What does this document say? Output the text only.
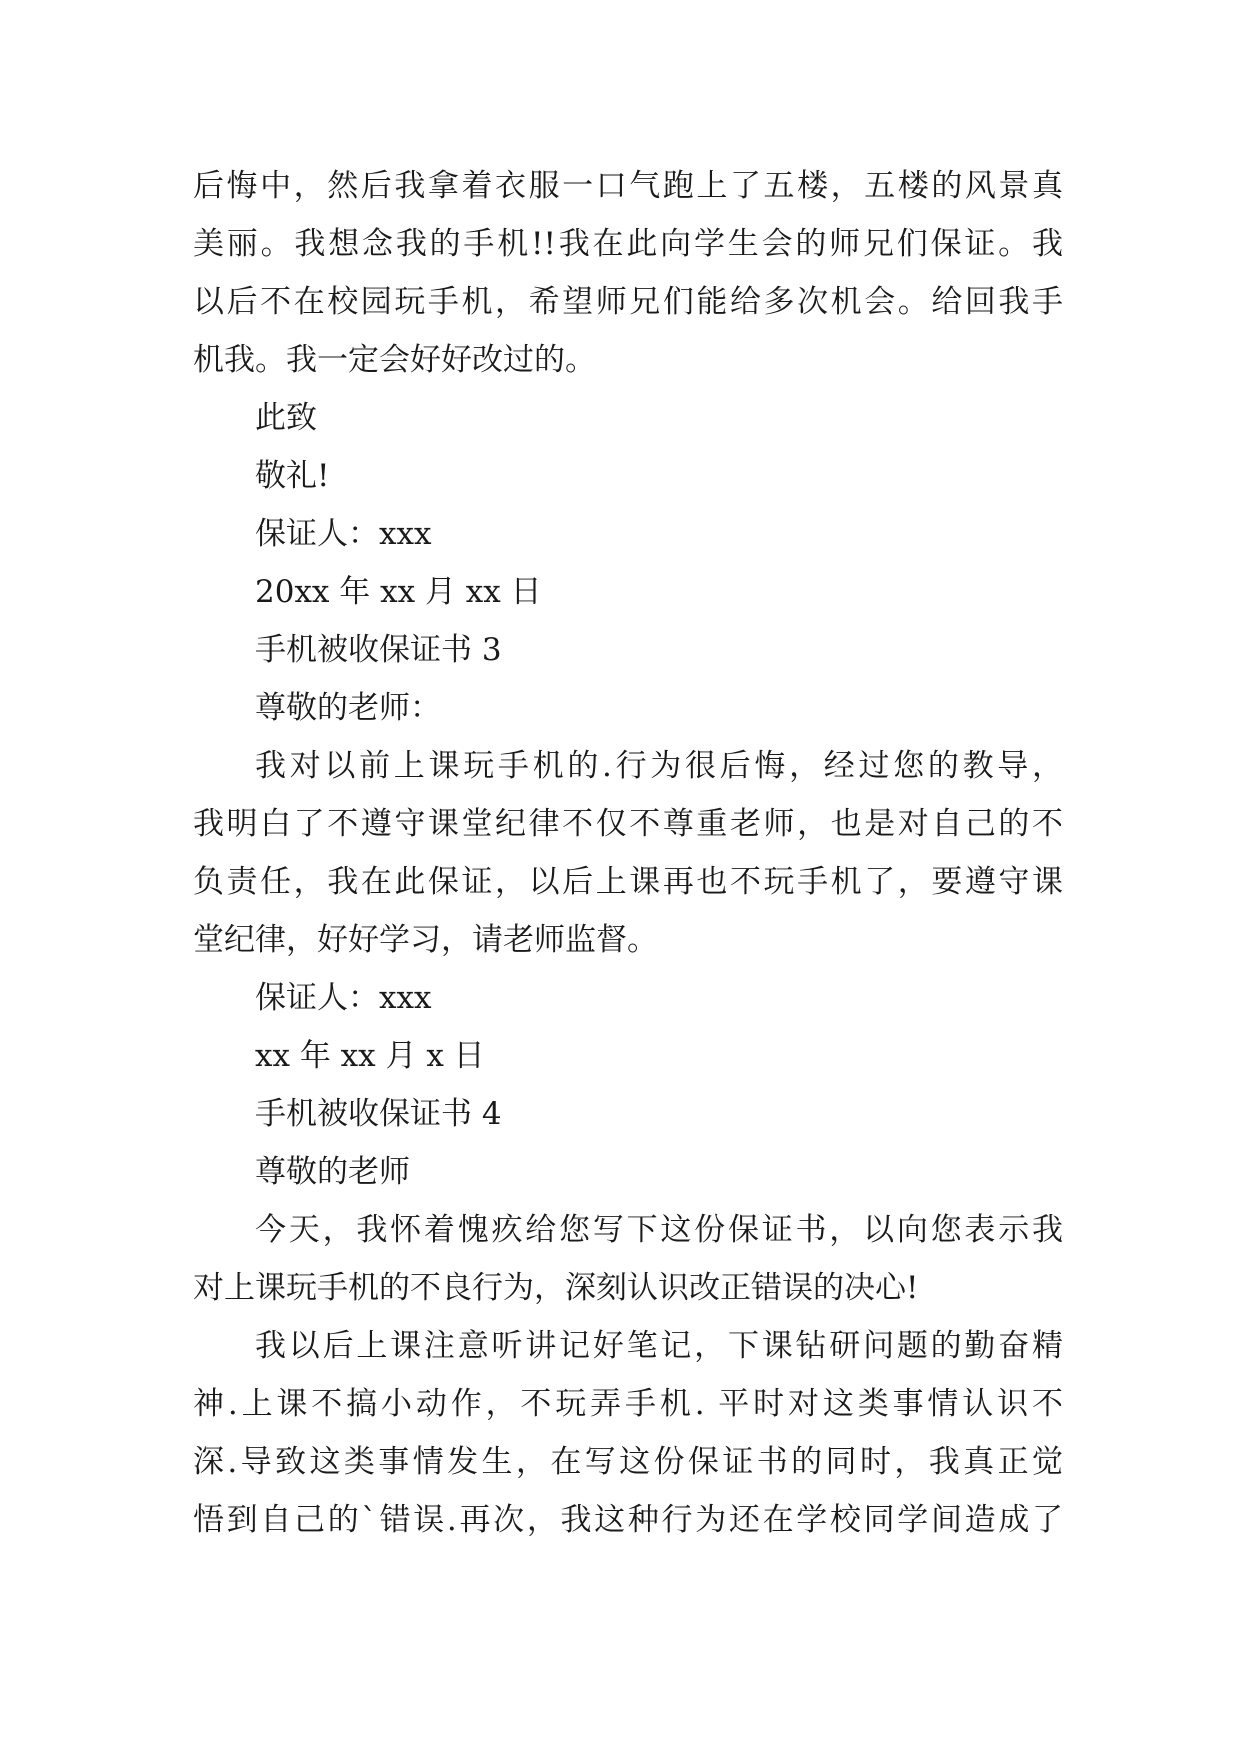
后悔中，然后我拿着衣服一口气跑上了五楼，五楼的风景真
美丽。我想念我的手机!!我在此向学生会的师兄们保证。我
以后不在校园玩手机，希望师兄们能给多次机会。给回我手
机我。我一定会好好改过的。
此致
敬礼!
保证人：xxx
20xx 年 xx 月 xx 日
手机被收保证书 3
尊敬的老师：
我对以前上课玩手机的.行为很后悔，经过您的教导，
我明白了不遵守课堂纪律不仅不尊重老师，也是对自己的不
负责任，我在此保证，以后上课再也不玩手机了，要遵守课
堂纪律，好好学习，请老师监督。
保证人：xxx
xx 年 xx 月 x 日
手机被收保证书 4
尊敬的老师
今天，我怀着愧疚给您写下这份保证书，以向您表示我
对上课玩手机的不良行为，深刻认识改正错误的决心!
我以后上课注意听讲记好笔记，下课钻研问题的勤奋精
神.上课不搞小动作，不玩弄手机. 平时对这类事情认识不
深.导致这类事情发生，在写这份保证书的同时，我真正觉
悟到自己的`错误.再次，我这种行为还在学校同学间造成了
